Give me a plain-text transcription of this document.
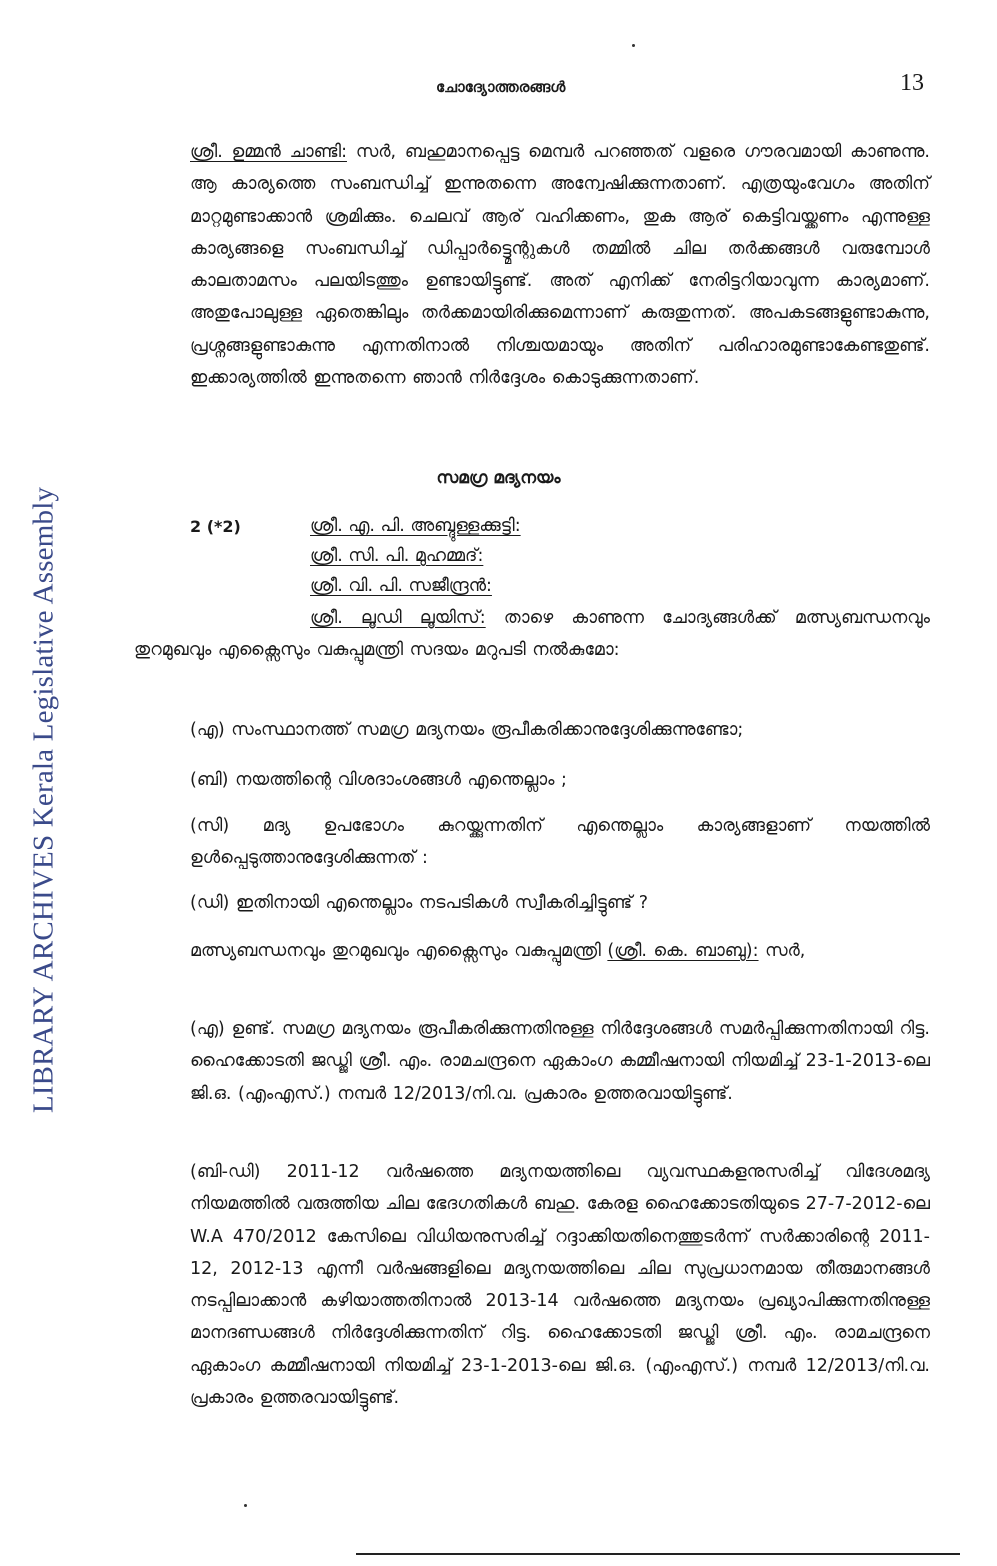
LIBRARY ARCHIVES Kerala Legislative Assembly
ചോദ്യോത്തരങ്ങൾ	13

ശ്രീ. ഉമ്മൻ ചാണ്ടി: സർ, ബഹുമാനപ്പെട്ട മെമ്പർ പറഞ്ഞത് വളരെ ഗൗരവമായി കാണുന്നു. ആ കാര്യത്തെ സംബന്ധിച്ച് ഇന്നുതന്നെ അന്വേഷിക്കുന്നതാണ്. എത്രയുംവേഗം അതിന് മാറ്റമുണ്ടാക്കാൻ ശ്രമിക്കും. ചെലവ് ആര് വഹിക്കണം, തുക ആര് കെട്ടിവയ്ക്കണം എന്നുള്ള കാര്യങ്ങളെ സംബന്ധിച്ച് ഡിപ്പാർട്ട്മെന്റുകൾ തമ്മിൽ ചില തർക്കങ്ങൾ വരുമ്പോൾ കാലതാമസം പലയിടത്തും ഉണ്ടായിട്ടുണ്ട്. അത് എനിക്ക് നേരിട്ടറിയാവുന്ന കാര്യമാണ്. അതുപോലുള്ള ഏതെങ്കിലും തർക്കമായിരിക്കുമെന്നാണ് കരുതുന്നത്. അപകടങ്ങളുണ്ടാകുന്നു, പ്രശ്നങ്ങളുണ്ടാകുന്നു എന്നതിനാൽ നിശ്ചയമായും അതിന് പരിഹാരമുണ്ടാകേണ്ടതുണ്ട്. ഇക്കാര്യത്തിൽ ഇന്നുതന്നെ ഞാൻ നിർദ്ദേശം കൊടുക്കുന്നതാണ്.

സമഗ്ര മദ്യനയം
2 (*2)	ശ്രീ. എ. പി. അബ്ദുള്ളക്കുട്ടി:
ശ്രീ. സി. പി. മുഹമ്മദ്:
ശ്രീ. വി. പി. സജീന്ദ്രൻ:

ശ്രീ. ലൂഡി ലൂയിസ്: താഴെ കാണുന്ന ചോദ്യങ്ങൾക്ക് മത്സ്യബന്ധനവും തുറമുഖവും എക്സൈസും വകുപ്പുമന്ത്രി സദയം മറുപടി നൽകുമോ:

(എ) സംസ്ഥാനത്ത് സമഗ്ര മദ്യനയം രൂപീകരിക്കാനുദ്ദേശിക്കുന്നുണ്ടോ;

(ബി) നയത്തിന്റെ വിശദാംശങ്ങൾ എന്തെല്ലാം ;

(സി) മദ്യ ഉപഭോഗം കുറയ്ക്കുന്നതിന് എന്തെല്ലാം കാര്യങ്ങളാണ് നയത്തിൽ ഉൾപ്പെടുത്താനുദ്ദേശിക്കുന്നത് :

(ഡി) ഇതിനായി എന്തെല്ലാം നടപടികൾ സ്വീകരിച്ചിട്ടുണ്ട് ?

മത്സ്യബന്ധനവും തുറമുഖവും എക്സൈസും വകുപ്പുമന്ത്രി (ശ്രീ. കെ. ബാബു): സർ,

(എ) ഉണ്ട്. സമഗ്ര മദ്യനയം രൂപീകരിക്കുന്നതിനുള്ള നിർദ്ദേശങ്ങൾ സമർപ്പിക്കുന്നതിനായി റിട്ട. ഹൈക്കോടതി ജഡ്ജി ശ്രീ. എം. രാമചന്ദ്രനെ ഏകാംഗ കമ്മീഷനായി നിയമിച്ച് 23-1-2013-ലെ ജി.ഒ. (എംഎസ്.) നമ്പർ 12/2013/നി.വ. പ്രകാരം ഉത്തരവായിട്ടുണ്ട്.

(ബി-ഡി) 2011-12 വർഷത്തെ മദ്യനയത്തിലെ വ്യവസ്ഥകളനുസരിച്ച് വിദേശമദ്യ നിയമത്തിൽ വരുത്തിയ ചില ഭേദഗതികൾ ബഹു. കേരള ഹൈക്കോടതിയുടെ 27-7-2012-ലെ W.A 470/2012 കേസിലെ വിധിയനുസരിച്ച് റദ്ദാക്കിയതിനെത്തുടർന്ന് സർക്കാരിന്റെ 2011-12, 2012-13 എന്നീ വർഷങ്ങളിലെ മദ്യനയത്തിലെ ചില സുപ്രധാനമായ തീരുമാനങ്ങൾ നടപ്പിലാക്കാൻ കഴിയാത്തതിനാൽ 2013-14 വർഷത്തെ മദ്യനയം പ്രഖ്യാപിക്കുന്നതിനുള്ള മാനദണ്ഡങ്ങൾ നിർദ്ദേശിക്കുന്നതിന് റിട്ട. ഹൈക്കോടതി ജഡ്ജി ശ്രീ. എം. രാമചന്ദ്രനെ ഏകാംഗ കമ്മീഷനായി നിയമിച്ച് 23-1-2013-ലെ ജി.ഒ. (എംഎസ്.) നമ്പർ 12/2013/നി.വ. പ്രകാരം ഉത്തരവായിട്ടുണ്ട്.
